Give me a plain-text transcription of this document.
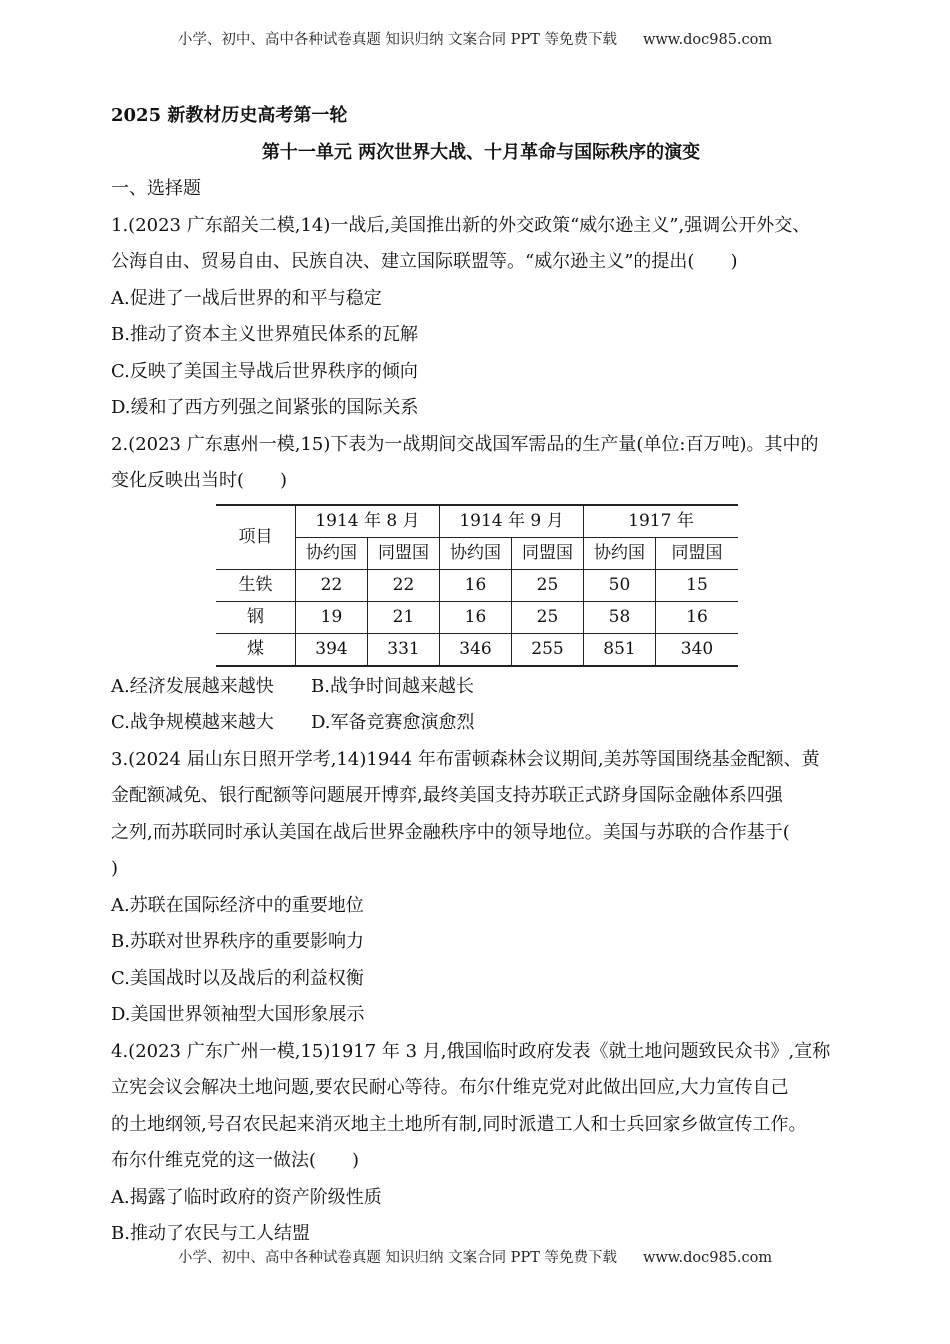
小学、初中、高中各种试卷真题 知识归纳 文案合同 PPT 等免费下载 www.doc985.com

2025 新教材历史高考第一轮

第十一单元 两次世界大战、十月革命与国际秩序的演变

一、选择题

1.(2023 广东韶关二模,14)一战后,美国推出新的外交政策“威尔逊主义”,强调公开外交、

公海自由、贸易自由、民族自决、建立国际联盟等。“威尔逊主义”的提出( )

A.促进了一战后世界的和平与稳定

B.推动了资本主义世界殖民体系的瓦解

C.反映了美国主导战后世界秩序的倾向

D.缓和了西方列强之间紧张的国际关系

2.(2023 广东惠州一模,15)下表为一战期间交战国军需品的生产量(单位:百万吨)。其中的

变化反映出当时( )

项目	1914 年 8 月		1914 年 9 月		1917 年	
	协约国	同盟国	协约国	同盟国	协约国	同盟国
生铁	22	22	16	25	50	15
钢	19	21	16	25	58	16
煤	394	331	346	255	851	340

A.经济发展越来越快 B.战争时间越来越长

C.战争规模越来越大 D.军备竞赛愈演愈烈

3.(2024 届山东日照开学考,14)1944 年布雷顿森林会议期间,美苏等国围绕基金配额、黄

金配额减免、银行配额等问题展开博弈,最终美国支持苏联正式跻身国际金融体系四强

之列,而苏联同时承认美国在战后世界金融秩序中的领导地位。美国与苏联的合作基于(

)

A.苏联在国际经济中的重要地位

B.苏联对世界秩序的重要影响力

C.美国战时以及战后的利益权衡

D.美国世界领袖型大国形象展示

4.(2023 广东广州一模,15)1917 年 3 月,俄国临时政府发表《就土地问题致民众书》,宣称

立宪会议会解决土地问题,要农民耐心等待。布尔什维克党对此做出回应,大力宣传自己

的土地纲领,号召农民起来消灭地主土地所有制,同时派遣工人和士兵回家乡做宣传工作。

布尔什维克党的这一做法( )

A.揭露了临时政府的资产阶级性质

B.推动了农民与工人结盟

小学、初中、高中各种试卷真题 知识归纳 文案合同 PPT 等免费下载 www.doc985.com
